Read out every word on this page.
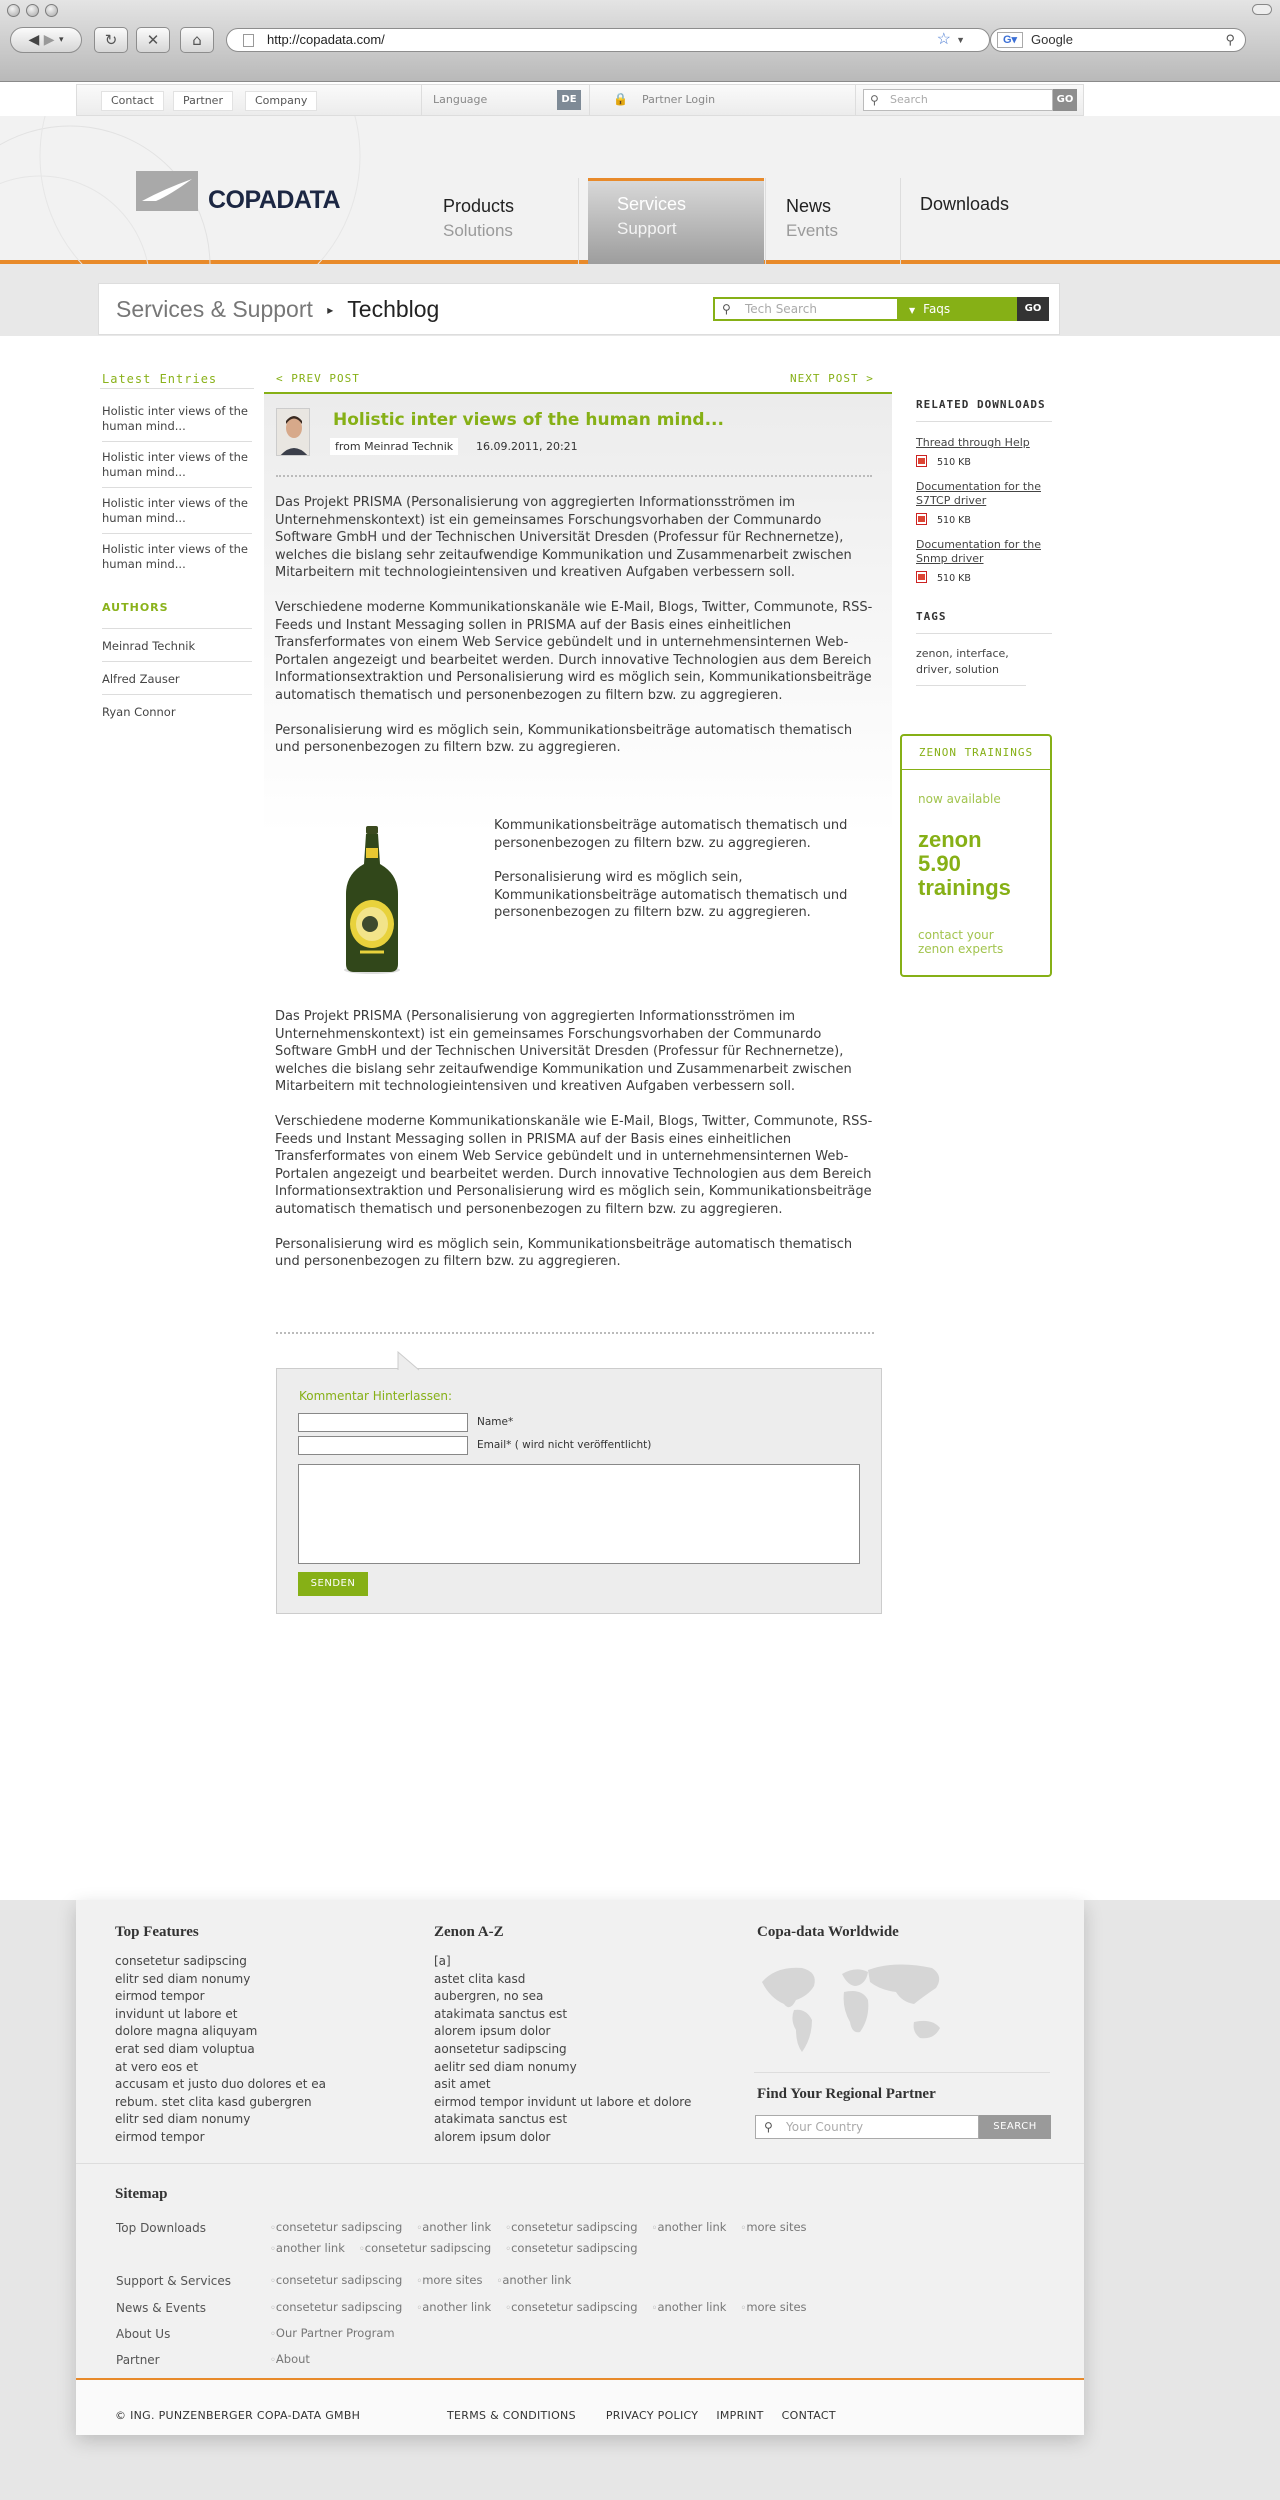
◀
▶
▾	↻ ✕ ⌂	http://copadata.com/	☆ ▼	G▾	Google	⚲
Contact	Partner	Company	Language	DE	🔒 Partner Login	⚲ Search	GO
COPADATA	Products
Solutions
Services
Support
News
Events
Downloads
Services & Support ▸ Techblog	⚲ Tech Search	▼ Faqs	GO
Latest Entries
Holistic inter views of the human mind...
Holistic inter views of the human mind...
Holistic inter views of the human mind...
Holistic inter views of the human mind...
AUTHORS
Meinrad Technik
Alfred Zauser
Ryan Connor
< PREV POST	NEXT POST >
Holistic inter views of the human mind...
from Meinrad Technik	16.09.2011, 20:21

Das Projekt PRISMA (Personalisierung von aggregierten Informationsströmen im Unternehmenskontext) ist ein gemeinsames Forschungsvorhaben der Communardo Software GmbH und der Technischen Universität Dresden (Professur für Rechnernetze), welches die bislang sehr zeitaufwendige Kommunikation und Zusammenarbeit zwischen Mitarbeitern mit technologieintensiven und kreativen Aufgaben verbessern soll.

Verschiedene moderne Kommunikationskanäle wie E-Mail, Blogs, Twitter, Communote, RSS-Feeds und Instant Messaging sollen in PRISMA auf der Basis eines einheitlichen Transferformates von einem Web Service gebündelt und in unternehmensinternen Web-Portalen angezeigt und bearbeitet werden. Durch innovative Technologien aus dem Bereich Informationsextraktion und Personalisierung wird es möglich sein, Kommunikationsbeiträge automatisch thematisch und personenbezogen zu filtern bzw. zu aggregieren.

Personalisierung wird es möglich sein, Kommunikationsbeiträge automatisch thematisch und personenbezogen zu filtern bzw. zu aggregieren.

Kommunikationsbeiträge automatisch thematisch und personenbezogen zu filtern bzw. zu aggregieren.

Personalisierung wird es möglich sein, Kommunikationsbeiträge automatisch thematisch und personenbezogen zu filtern bzw. zu aggregieren.

Das Projekt PRISMA (Personalisierung von aggregierten Informationsströmen im Unternehmenskontext) ist ein gemeinsames Forschungsvorhaben der Communardo Software GmbH und der Technischen Universität Dresden (Professur für Rechnernetze), welches die bislang sehr zeitaufwendige Kommunikation und Zusammenarbeit zwischen Mitarbeitern mit technologieintensiven und kreativen Aufgaben verbessern soll.

Verschiedene moderne Kommunikationskanäle wie E-Mail, Blogs, Twitter, Communote, RSS-Feeds und Instant Messaging sollen in PRISMA auf der Basis eines einheitlichen Transferformates von einem Web Service gebündelt und in unternehmensinternen Web-Portalen angezeigt und bearbeitet werden. Durch innovative Technologien aus dem Bereich Informationsextraktion und Personalisierung wird es möglich sein, Kommunikationsbeiträge automatisch thematisch und personenbezogen zu filtern bzw. zu aggregieren.

Personalisierung wird es möglich sein, Kommunikationsbeiträge automatisch thematisch und personenbezogen zu filtern bzw. zu aggregieren.

Kommentar Hinterlassen:
Name*
Email* ( wird nicht veröffentlicht)
SENDEN
RELATED DOWNLOADS
Thread through Help
510 KB
Documentation for the S7TCP driver
510 KB
Documentation for the Snmp driver
510 KB
TAGS
zenon, interface, driver, solution
ZENON TRAININGS
now available
zenon
5.90
trainings
contact your zenon experts
Top Features
consetetur sadipscing
elitr sed diam nonumy
eirmod tempor
invidunt ut labore et
dolore magna aliquyam
erat sed diam voluptua
at vero eos et
accusam et justo duo dolores et ea
rebum. stet clita kasd gubergren
elitr sed diam nonumy
eirmod tempor
Zenon A-Z
[a]
astet clita kasd
aubergren, no sea
atakimata sanctus est
alorem ipsum dolor
aonsetetur sadipscing
aelitr sed diam nonumy
asit amet
eirmod tempor invidunt ut labore et dolore
atakimata sanctus est
alorem ipsum dolor
Copa-data Worldwide
Find Your Regional Partner
⚲ Your Country	SEARCH
Sitemap
Top Downloads	◦ consetetur sadipscing ◦ another link ◦ consetetur sadipscing ◦ another link ◦ more sites
◦ another link ◦ consetetur sadipscing ◦ consetetur sadipscing
Support & Services	◦ consetetur sadipscing ◦ more sites ◦ another link
News & Events	◦ consetetur sadipscing ◦ another link ◦ consetetur sadipscing ◦ another link ◦ more sites
About Us	◦ Our Partner Program
Partner	◦ About
© ING. PUNZENBERGER COPA-DATA GMBH	TERMS & CONDITIONS	PRIVACY POLICY IMPRINT CONTACT
